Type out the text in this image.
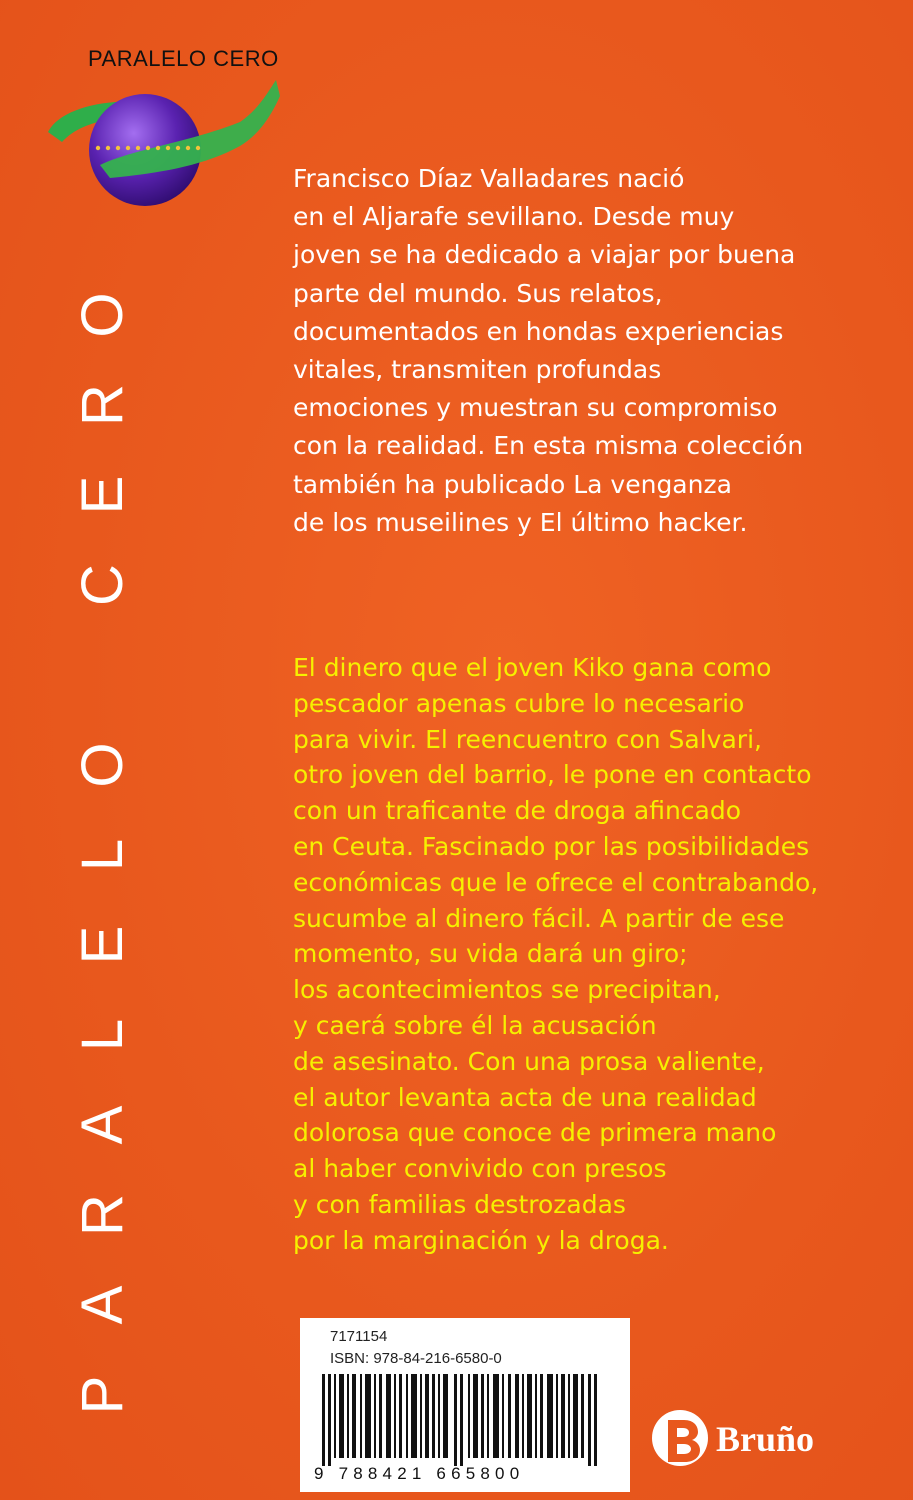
PARALELO CERO
P
A
R
A
L
E
L
O
C
E
R
O
Francisco Díaz Valladares nació
en el Aljarafe sevillano. Desde muy
joven se ha dedicado a viajar por buena
parte del mundo. Sus relatos,
documentados en hondas experiencias
vitales, transmiten profundas
emociones y muestran su compromiso
con la realidad. En esta misma colección
también ha publicado La venganza
de los museilines y El último hacker.
El dinero que el joven Kiko gana como
pescador apenas cubre lo necesario
para vivir. El reencuentro con Salvari,
otro joven del barrio, le pone en contacto
con un traficante de droga afincado
en Ceuta. Fascinado por las posibilidades
económicas que le ofrece el contrabando,
sucumbe al dinero fácil. A partir de ese
momento, su vida dará un giro;
los acontecimientos se precipitan,
y caerá sobre él la acusación
de asesinato. Con una prosa valiente,
el autor levanta acta de una realidad
dolorosa que conoce de primera mano
al haber convivido con presos
y con familias destrozadas
por la marginación y la droga.
7171154
ISBN: 978-84-216-6580-0
9 788421 665800
Bruño
